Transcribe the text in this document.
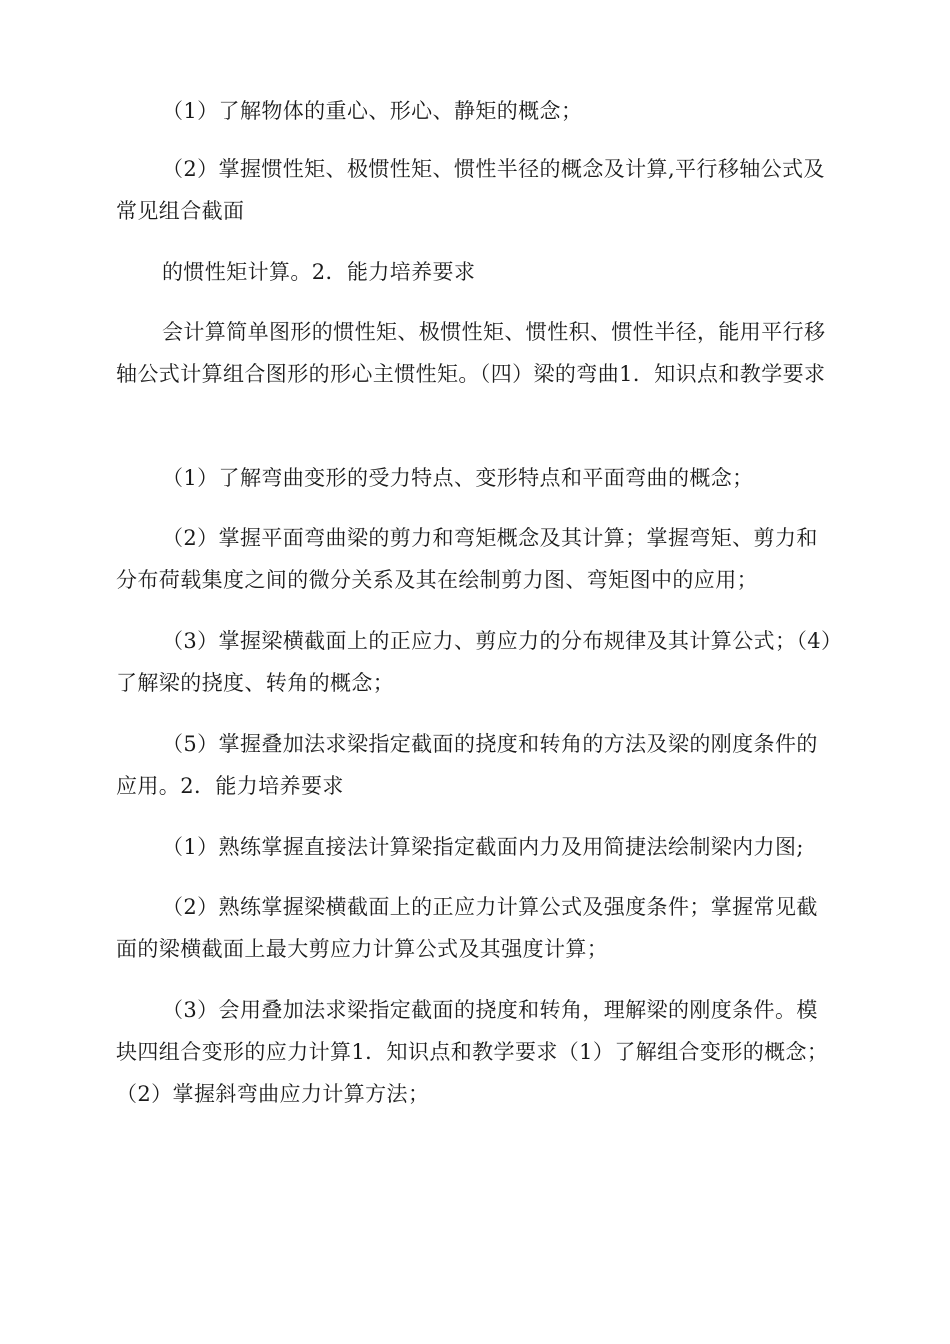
（1）了解物体的重心、形心、静矩的概念；

（2）掌握惯性矩、极惯性矩、惯性半径的概念及计算,平行移轴公式及常见组合截面

的惯性矩计算。2．能力培养要求

会计算简单图形的惯性矩、极惯性矩、惯性积、惯性半径，能用平行移轴公式计算组合图形的形心主惯性矩。（四）梁的弯曲1．知识点和教学要求

（1）了解弯曲变形的受力特点、变形特点和平面弯曲的概念；

（2）掌握平面弯曲梁的剪力和弯矩概念及其计算；掌握弯矩、剪力和分布荷载集度之间的微分关系及其在绘制剪力图、弯矩图中的应用；

（3）掌握梁横截面上的正应力、剪应力的分布规律及其计算公式；（4）了解梁的挠度、转角的概念；

（5）掌握叠加法求梁指定截面的挠度和转角的方法及梁的刚度条件的应用。2．能力培养要求

（1）熟练掌握直接法计算梁指定截面内力及用简捷法绘制梁内力图;

（2）熟练掌握梁横截面上的正应力计算公式及强度条件；掌握常见截面的梁横截面上最大剪应力计算公式及其强度计算；

（3）会用叠加法求梁指定截面的挠度和转角，理解梁的刚度条件。模块四组合变形的应力计算1．知识点和教学要求（1）了解组合变形的概念；（2）掌握斜弯曲应力计算方法；
